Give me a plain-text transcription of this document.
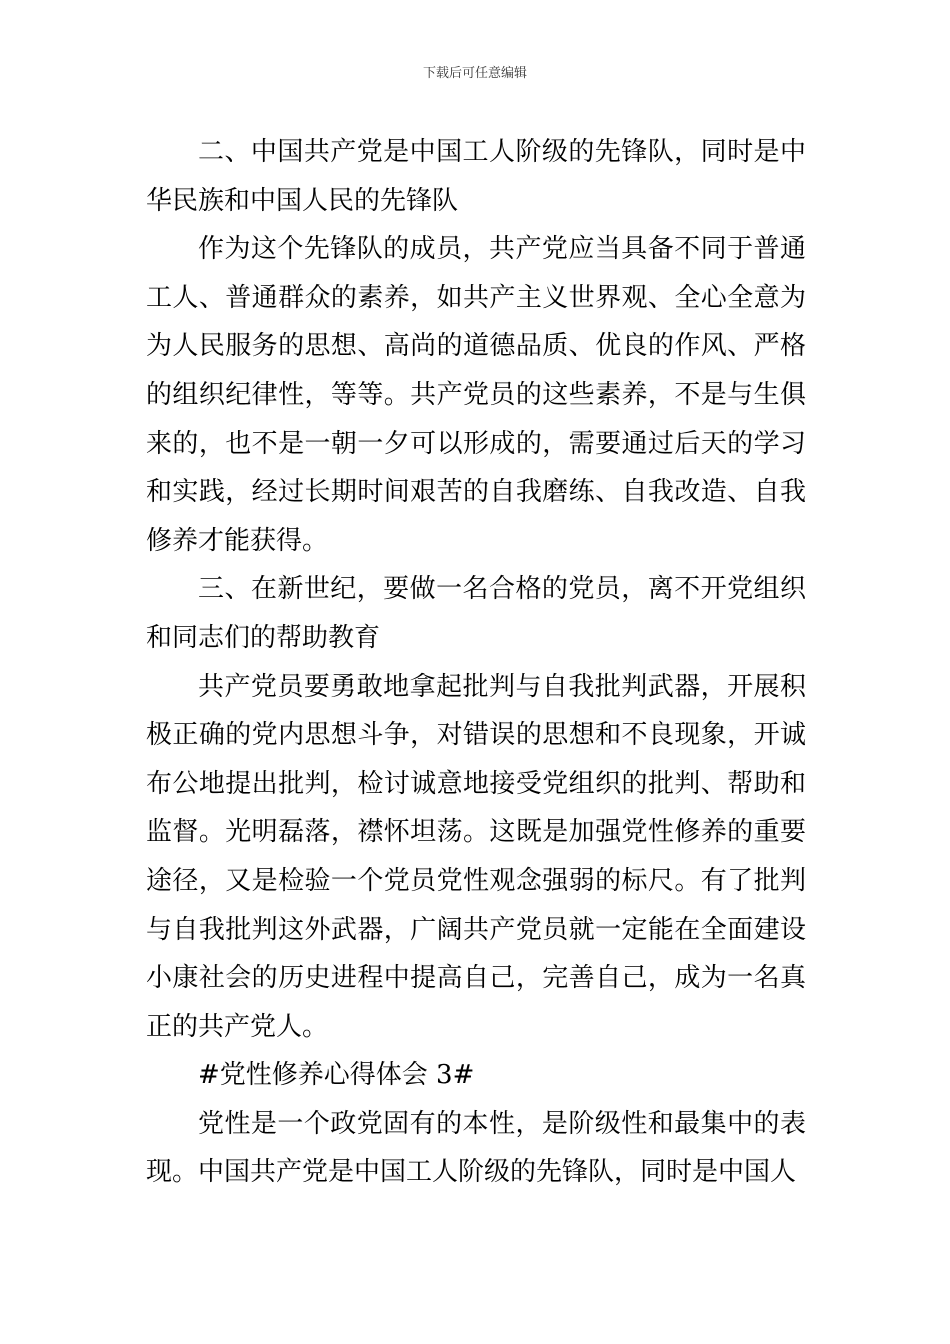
下载后可任意编辑

二、中国共产党是中国工人阶级的先锋队，同时是中华民族和中国人民的先锋队

作为这个先锋队的成员，共产党应当具备不同于普通工人、普通群众的素养，如共产主义世界观、全心全意为为人民服务的思想、高尚的道德品质、优良的作风、严格的组织纪律性，等等。共产党员的这些素养，不是与生俱来的，也不是一朝一夕可以形成的，需要通过后天的学习和实践，经过长期时间艰苦的自我磨练、自我改造、自我修养才能获得。

三、在新世纪，要做一名合格的党员，离不开党组织和同志们的帮助教育

共产党员要勇敢地拿起批判与自我批判武器，开展积极正确的党内思想斗争，对错误的思想和不良现象，开诚布公地提出批判，检讨诚意地接受党组织的批判、帮助和监督。光明磊落，襟怀坦荡。这既是加强党性修养的重要途径，又是检验一个党员党性观念强弱的标尺。有了批判与自我批判这外武器，广阔共产党员就一定能在全面建设小康社会的历史进程中提高自己，完善自己，成为一名真正的共产党人。

#党性修养心得体会 3#

党性是一个政党固有的本性，是阶级性和最集中的表现。中国共产党是中国工人阶级的先锋队，同时是中国人
